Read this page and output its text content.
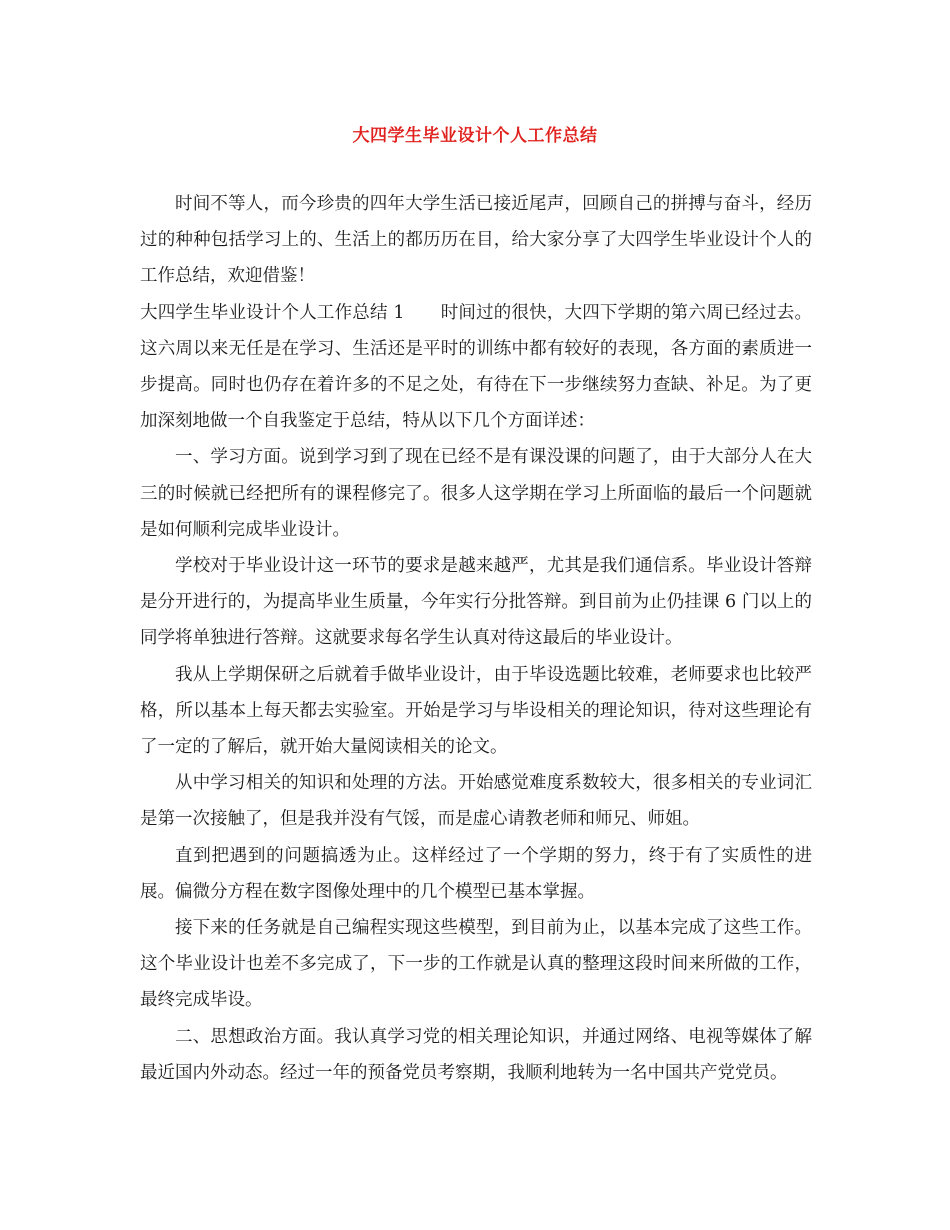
大四学生毕业设计个人工作总结

时间不等人，而今珍贵的四年大学生活已接近尾声，回顾自己的拼搏与奋斗，经历过的种种包括学习上的、生活上的都历历在目，给大家分享了大四学生毕业设计个人的工作总结，欢迎借鉴！

大四学生毕业设计个人工作总结 1 时间过的很快，大四下学期的第六周已经过去。这六周以来无任是在学习、生活还是平时的训练中都有较好的表现，各方面的素质进一步提高。同时也仍存在着许多的不足之处，有待在下一步继续努力查缺、补足。为了更加深刻地做一个自我鉴定于总结，特从以下几个方面详述：

一、学习方面。说到学习到了现在已经不是有课没课的问题了，由于大部分人在大三的时候就已经把所有的课程修完了。很多人这学期在学习上所面临的最后一个问题就是如何顺利完成毕业设计。

学校对于毕业设计这一环节的要求是越来越严，尤其是我们通信系。毕业设计答辩是分开进行的，为提高毕业生质量，今年实行分批答辩。到目前为止仍挂课 6 门以上的同学将单独进行答辩。这就要求每名学生认真对待这最后的毕业设计。

我从上学期保研之后就着手做毕业设计，由于毕设选题比较难，老师要求也比较严格，所以基本上每天都去实验室。开始是学习与毕设相关的理论知识，待对这些理论有了一定的了解后，就开始大量阅读相关的论文。

从中学习相关的知识和处理的方法。开始感觉难度系数较大，很多相关的专业词汇是第一次接触了，但是我并没有气馁，而是虚心请教老师和师兄、师姐。

直到把遇到的问题搞透为止。这样经过了一个学期的努力，终于有了实质性的进展。偏微分方程在数字图像处理中的几个模型已基本掌握。

接下来的任务就是自己编程实现这些模型，到目前为止，以基本完成了这些工作。这个毕业设计也差不多完成了，下一步的工作就是认真的整理这段时间来所做的工作，最终完成毕设。

二、思想政治方面。我认真学习党的相关理论知识，并通过网络、电视等媒体了解最近国内外动态。经过一年的预备党员考察期，我顺利地转为一名中国共产党党员。
